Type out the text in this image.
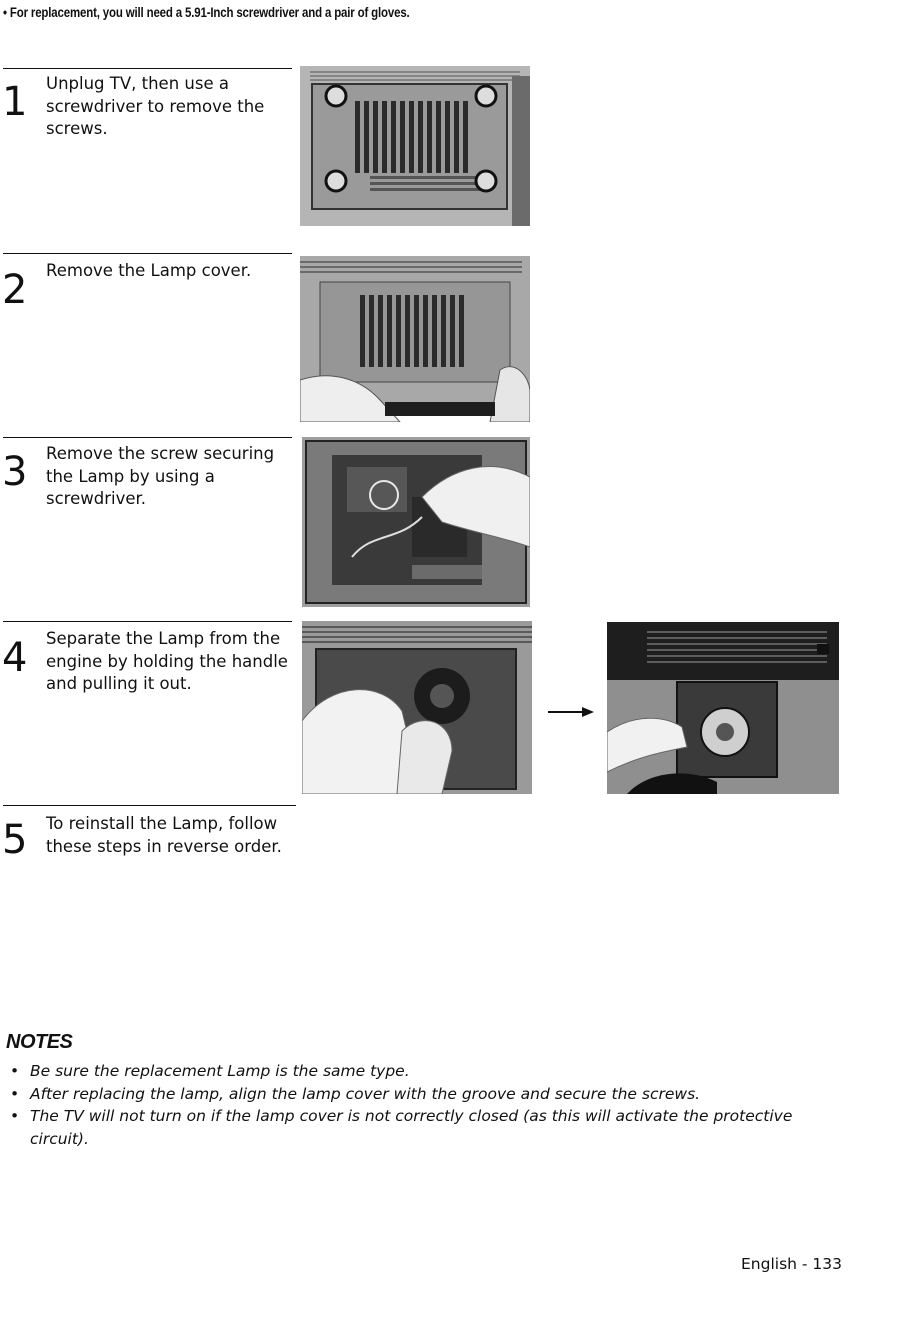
• For replacement, you will need a 5.91-Inch screwdriver and a pair of gloves.
1 Unplug TV, then use a screwdriver to remove the screws.
2 Remove the Lamp cover.
3 Remove the screw securing the Lamp by using a screwdriver.
4 Separate the Lamp from the engine by holding the handle and pulling it out.
5 To reinstall the Lamp, follow these steps in reverse order.
NOTES
• Be sure the replacement Lamp is the same type.
• After replacing the lamp, align the lamp cover with the groove and secure the screws.
• The TV will not turn on if the lamp cover is not correctly closed (as this will activate the protective circuit).
English - 133
